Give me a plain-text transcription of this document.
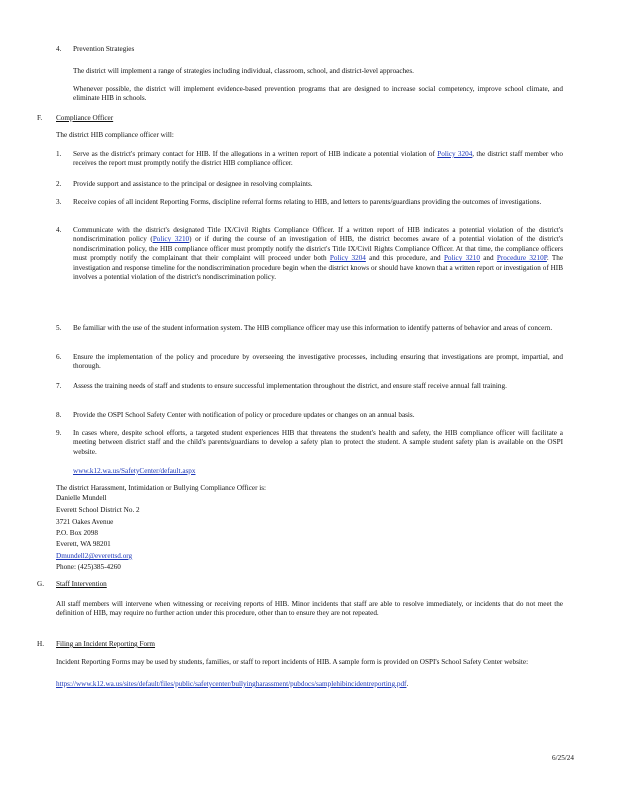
4.	Prevention Strategies
The district will implement a range of strategies including individual, classroom, school, and district-level approaches.
Whenever possible, the district will implement evidence-based prevention programs that are designed to increase social competency, improve school climate, and eliminate HIB in schools.
F. Compliance Officer
The district HIB compliance officer will:
1.	Serve as the district's primary contact for HIB. If the allegations in a written report of HIB indicate a potential violation of Policy 3204, the district staff member who receives the report must promptly notify the district HIB compliance officer.
2.	Provide support and assistance to the principal or designee in resolving complaints.
3.	Receive copies of all incident Reporting Forms, discipline referral forms relating to HIB, and letters to parents/guardians providing the outcomes of investigations.
4.	Communicate with the district's designated Title IX/Civil Rights Compliance Officer. If a written report of HIB indicates a potential violation of the district's nondiscrimination policy (Policy 3210) or if during the course of an investigation of HIB, the district becomes aware of a potential violation of the district's nondiscrimination policy, the HIB compliance officer must promptly notify the district's Title IX/Civil Rights Compliance Officer. At that time, the compliance officers must promptly notify the complainant that their complaint will proceed under both Policy 3204 and this procedure, and Policy 3210 and Procedure 3210P. The investigation and response timeline for the nondiscrimination procedure begin when the district knows or should have known that a written report or investigation of HIB involves a potential violation of the district's nondiscrimination policy.
5.	Be familiar with the use of the student information system. The HIB compliance officer may use this information to identify patterns of behavior and areas of concern.
6.	Ensure the implementation of the policy and procedure by overseeing the investigative processes, including ensuring that investigations are prompt, impartial, and thorough.
7.	Assess the training needs of staff and students to ensure successful implementation throughout the district, and ensure staff receive annual fall training.
8.	Provide the OSPI School Safety Center with notification of policy or procedure updates or changes on an annual basis.
9.	In cases where, despite school efforts, a targeted student experiences HIB that threatens the student's health and safety, the HIB compliance officer will facilitate a meeting between district staff and the child's parents/guardians to develop a safety plan to protect the student. A sample student safety plan is available on the OSPI website.
www.k12.wa.us/SafetyCenter/default.aspx
The district Harassment, Intimidation or Bullying Compliance Officer is:
Danielle Mundell
Everett School District No. 2
3721 Oakes Avenue
P.O. Box 2098
Everett, WA 98201
Dmundell2@everettsd.org
Phone: (425)385-4260
G. Staff Intervention
All staff members will intervene when witnessing or receiving reports of HIB. Minor incidents that staff are able to resolve immediately, or incidents that do not meet the definition of HIB, may require no further action under this procedure, other than to ensure they are not repeated.
H. Filing an Incident Reporting Form
Incident Reporting Forms may be used by students, families, or staff to report incidents of HIB. A sample form is provided on OSPI's School Safety Center website:
https://www.k12.wa.us/sites/default/files/public/safetycenter/bullyingharassment/pubdocs/samplehibincidentreporting.pdf.
6/25/24
